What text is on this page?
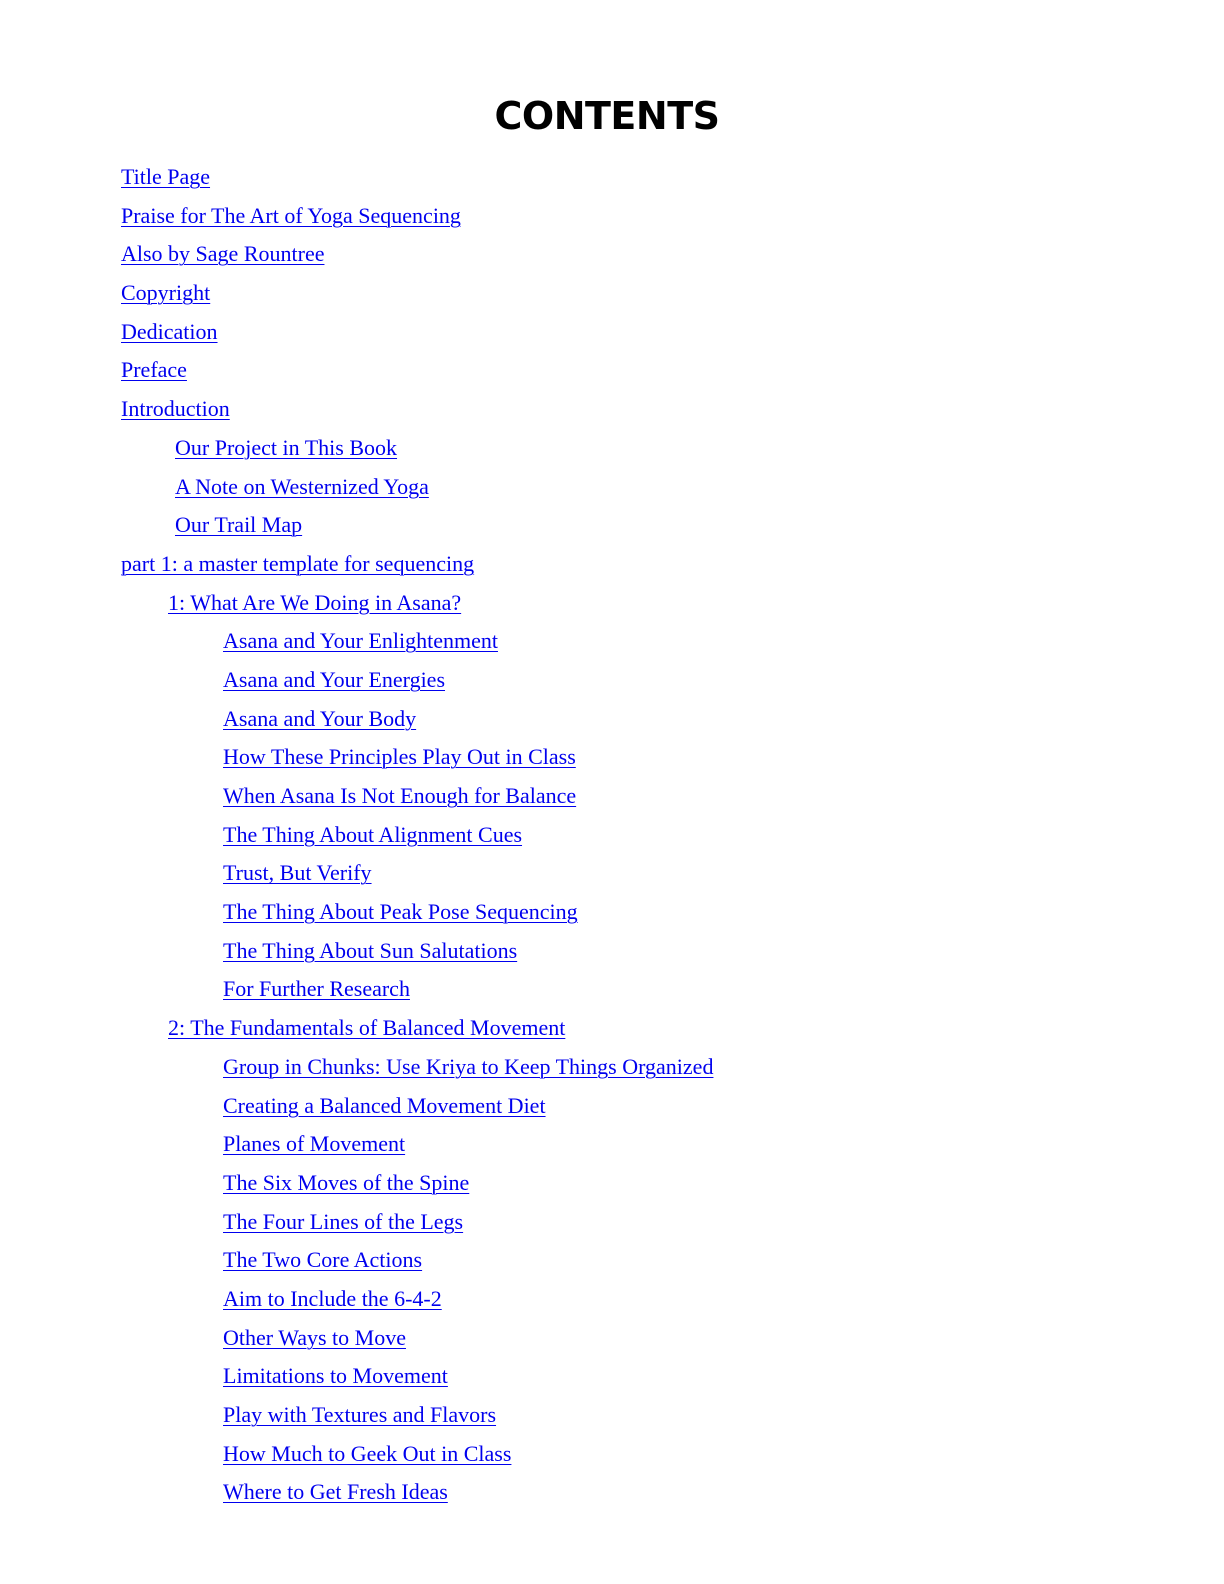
CONTENTS
Title Page
Praise for The Art of Yoga Sequencing
Also by Sage Rountree
Copyright
Dedication
Preface
Introduction
Our Project in This Book
A Note on Westernized Yoga
Our Trail Map
part 1: a master template for sequencing
1: What Are We Doing in Asana?
Asana and Your Enlightenment
Asana and Your Energies
Asana and Your Body
How These Principles Play Out in Class
When Asana Is Not Enough for Balance
The Thing About Alignment Cues
Trust, But Verify
The Thing About Peak Pose Sequencing
The Thing About Sun Salutations
For Further Research
2: The Fundamentals of Balanced Movement
Group in Chunks: Use Kriya to Keep Things Organized
Creating a Balanced Movement Diet
Planes of Movement
The Six Moves of the Spine
The Four Lines of the Legs
The Two Core Actions
Aim to Include the 6-4-2
Other Ways to Move
Limitations to Movement
Play with Textures and Flavors
How Much to Geek Out in Class
Where to Get Fresh Ideas
